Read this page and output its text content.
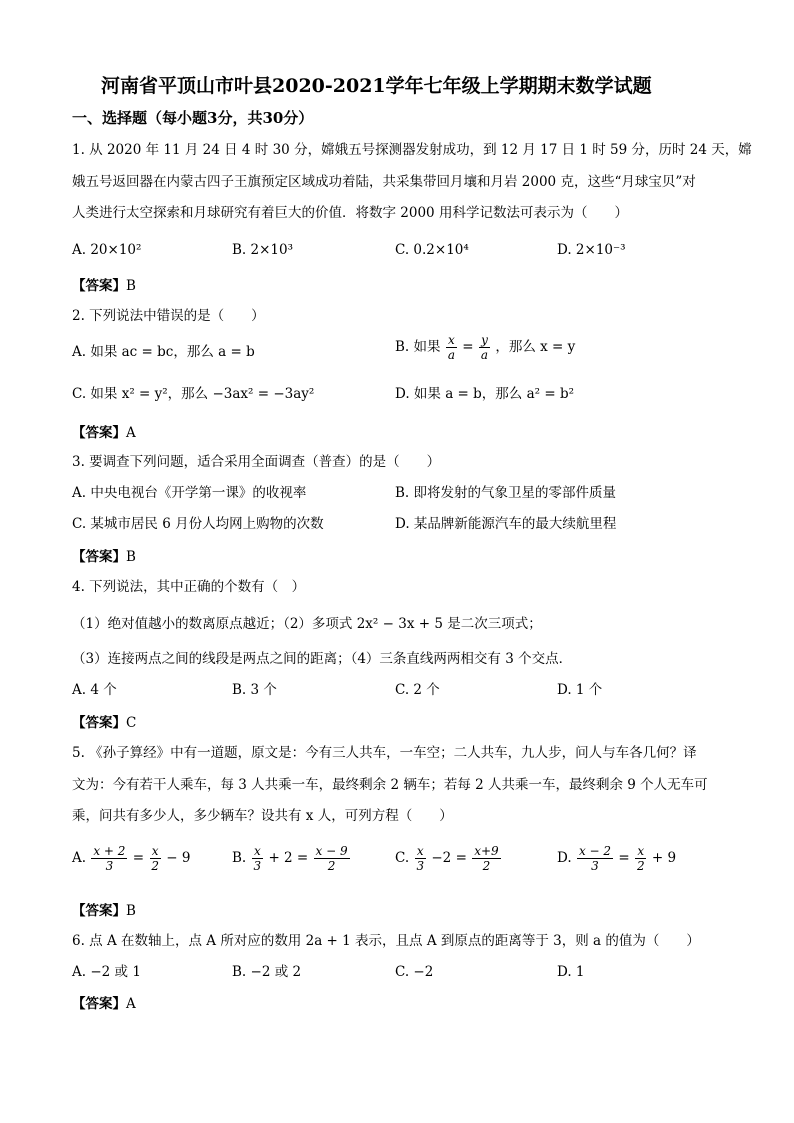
河南省平顶山市叶县2020-2021学年七年级上学期期末数学试题
一、选择题（每小题3分，共30分）
1. 从 2020 年 11 月 24 日 4 时 30 分，嫦娥五号探测器发射成功，到 12 月 17 日 1 时 59 分，历时 24 天，嫦
娥五号返回器在内蒙古四子王旗预定区域成功着陆，共采集带回月壤和月岩 2000 克，这些“月球宝贝”对
人类进行太空探索和月球研究有着巨大的价值．将数字 2000 用科学记数法可表示为（　　）
A. 20×10²	B. 2×10³	C. 0.2×10⁴	D. 2×10⁻³
【答案】B
2. 下列说法中错误的是（　　）
A. 如果 ac = bc，那么 a = b	B. 如果 $\frac{x}{a} = \frac{y}{a}$ ，那么 x = y
C. 如果 x² = y²，那么 −3ax² = −3ay²	D. 如果 a = b，那么 a² = b²
【答案】A
3. 要调查下列问题，适合采用全面调查（普查）的是（　　）
A. 中央电视台《开学第一课》的收视率	B. 即将发射的气象卫星的零部件质量
C. 某城市居民 6 月份人均网上购物的次数	D. 某品牌新能源汽车的最大续航里程
【答案】B
4. 下列说法，其中正确的个数有（　）
（1）绝对值越小的数离原点越近；（2）多项式 2x² − 3x + 5 是二次三项式；
（3）连接两点之间的线段是两点之间的距离；（4）三条直线两两相交有 3 个交点．
A. 4 个	B. 3 个	C. 2 个	D. 1 个
【答案】C
5. 《孙子算经》中有一道题，原文是：今有三人共车，一车空；二人共车，九人步，问人与车各几何？译
文为：今有若干人乘车，每 3 人共乘一车，最终剩余 2 辆车；若每 2 人共乘一车，最终剩余 9 个人无车可
乘，问共有多少人，多少辆车？设共有 x 人，可列方程（　　）
A. $\frac{x + 2}{3} = \frac{x}{2} - 9$	B. $\frac{x}{3} + 2 = \frac{x - 9}{2}$	C. $\frac{x}{3} -2 = \frac{x+9}{2}$	D. $\frac{x - 2}{3} = \frac{x}{2} + 9$
【答案】B
6. 点 A 在数轴上，点 A 所对应的数用 2a + 1 表示，且点 A 到原点的距离等于 3，则 a 的值为（　　）
A. −2 或 1	B. −2 或 2	C. −2	D. 1
【答案】A
